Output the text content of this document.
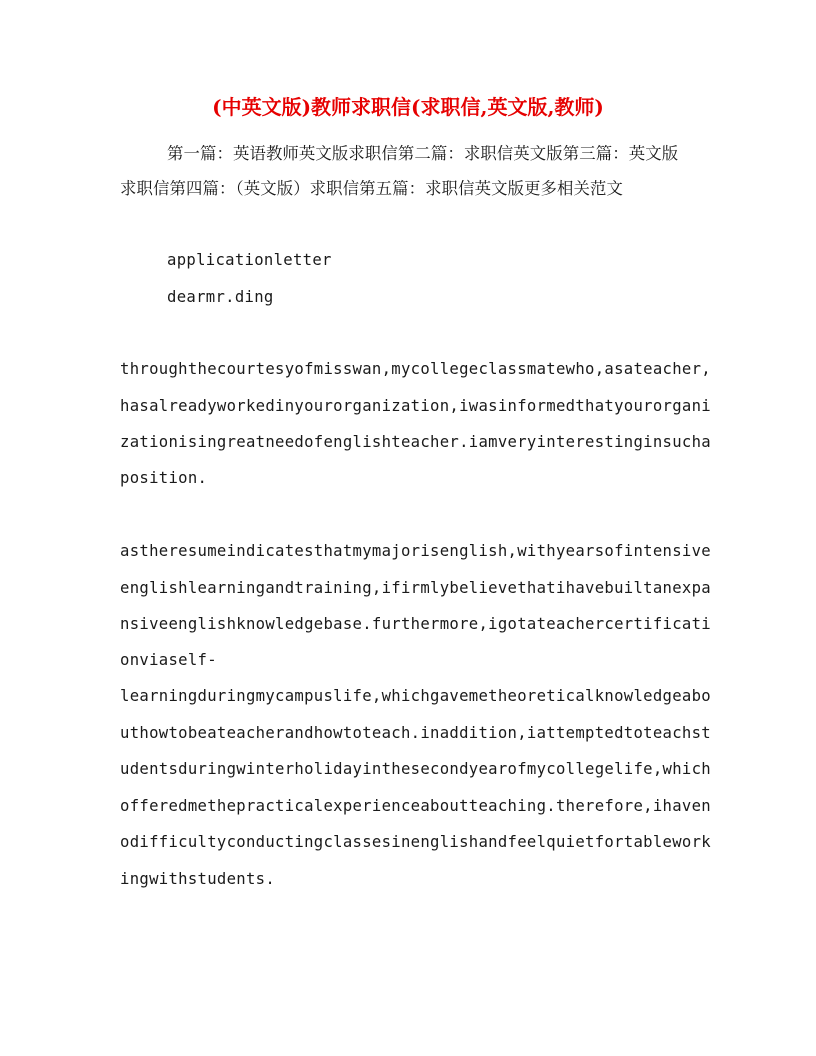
(中英文版)教师求职信(求职信,英文版,教师)
第一篇：英语教师英文版求职信第二篇：求职信英文版第三篇：英文版求职信第四篇：（英文版）求职信第五篇：求职信英文版更多相关范文
applicationletter
dearmr.ding
throughthecourtesyofmisswan,mycollegeclassmatewho,asateacher,
hasalreadyworkedinyourorganization,iwasinformedthatyourorgani
zationisingreatneedofenglishteacher.iamveryinterestinginsucha
position.
astheresumeindicatesthatmymajorisenglish,withyearsofintensive
englishlearningandtraining,ifirmlybelievethatihavebuiltanexpa
nsiveenglishknowledgebase.furthermore,igotateachercertificati
onviaself-
learningduringmycampuslife,whichgavemetheoreticalknowledgeabo
uthowtobeateacherandhowtoteach.inaddition,iattemptedtoteachst
udentsduringwinterholidayinthesecondyearofmycollegelife,which
offeredmethepracticalexperienceaboutteaching.therefore,ihaven
odifficultyconductingclassesinenglishandfeelquietfortablework
ingwithstudents.
